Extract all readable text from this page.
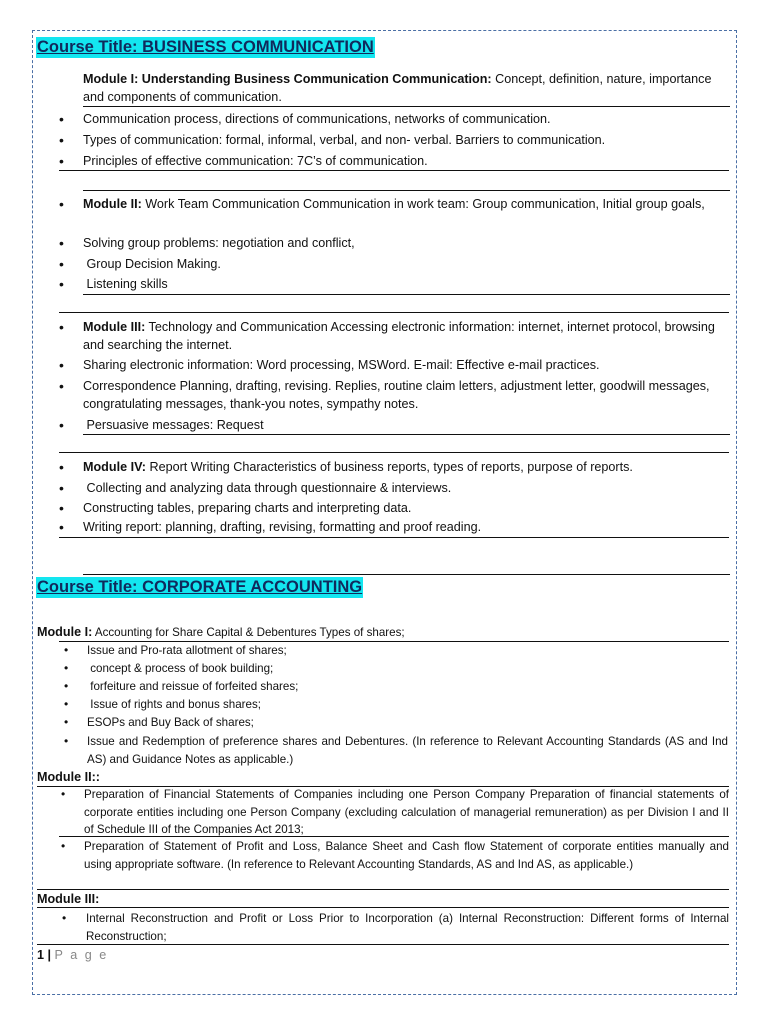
Course Title: BUSINESS COMMUNICATION
Module I: Understanding Business Communication Communication: Concept, definition, nature, importance and components of communication.
• Communication process, directions of communications, networks of communication.
• Types of communication: formal, informal, verbal, and non- verbal. Barriers to communication.
• Principles of effective communication: 7C’s of communication.
• Module II: Work Team Communication Communication in work team: Group communication, Initial group goals,
• Solving group problems: negotiation and conflict,
• Group Decision Making.
• Listening skills
• Module III: Technology and Communication Accessing electronic information: internet, internet protocol, browsing and searching the internet.
• Sharing electronic information: Word processing, MSWord. E-mail: Effective e-mail practices.
• Correspondence Planning, drafting, revising. Replies, routine claim letters, adjustment letter, goodwill messages, congratulating messages, thank-you notes, sympathy notes.
• Persuasive messages: Request
• Module IV: Report Writing Characteristics of business reports, types of reports, purpose of reports.
• Collecting and analyzing data through questionnaire & interviews.
• Constructing tables, preparing charts and interpreting data.
• Writing report: planning, drafting, revising, formatting and proof reading.
Course Title: CORPORATE ACCOUNTING
Module I: Accounting for Share Capital & Debentures Types of shares;
• Issue and Pro-rata allotment of shares;
• concept & process of book building;
• forfeiture and reissue of forfeited shares;
• Issue of rights and bonus shares;
• ESOPs and Buy Back of shares;
• Issue and Redemption of preference shares and Debentures. (In reference to Relevant Accounting Standards (AS and Ind AS) and Guidance Notes as applicable.)
Module II::
• Preparation of Financial Statements of Companies including one Person Company Preparation of financial statements of corporate entities including one Person Company (excluding calculation of managerial remuneration) as per Division I and II of Schedule III of the Companies Act 2013;
• Preparation of Statement of Profit and Loss, Balance Sheet and Cash flow Statement of corporate entities manually and using appropriate software. (In reference to Relevant Accounting Standards, AS and Ind AS, as applicable.)
Module III:
• Internal Reconstruction and Profit or Loss Prior to Incorporation (a) Internal Reconstruction: Different forms of Internal Reconstruction;
1 | P a g e
